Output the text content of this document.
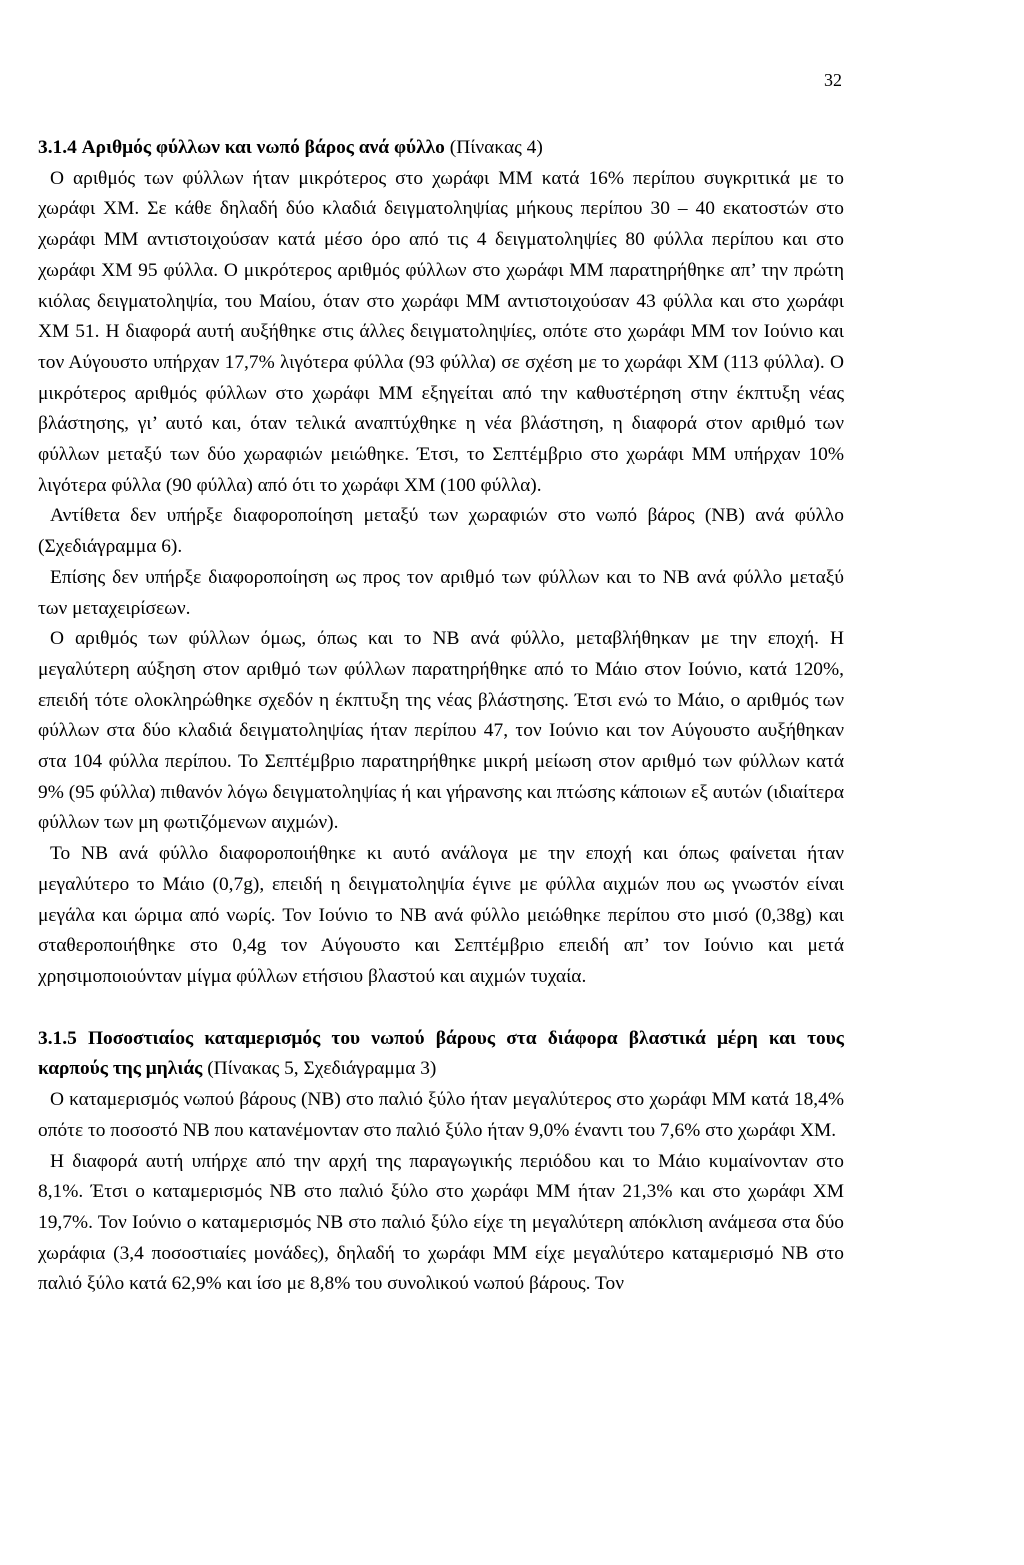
32

3.1.4 Αριθμός φύλλων και νωπό βάρος ανά φύλλο (Πίνακας 4)

Ο αριθμός των φύλλων ήταν μικρότερος στο χωράφι ΜΜ κατά 16% περίπου συγκριτικά με το χωράφι ΧΜ. Σε κάθε δηλαδή δύο κλαδιά δειγματοληψίας μήκους περίπου 30 – 40 εκατοστών στο χωράφι ΜΜ αντιστοιχούσαν κατά μέσο όρο από τις 4 δειγματοληψίες 80 φύλλα περίπου και στο χωράφι ΧΜ 95 φύλλα. Ο μικρότερος αριθμός φύλλων στο χωράφι ΜΜ παρατηρήθηκε απ’ την πρώτη κιόλας δειγματοληψία, του Μαίου, όταν στο χωράφι ΜΜ αντιστοιχούσαν 43 φύλλα και στο χωράφι ΧΜ 51. Η διαφορά αυτή αυξήθηκε στις άλλες δειγματοληψίες, οπότε στο χωράφι ΜΜ τον Ιούνιο και τον Αύγουστο υπήρχαν 17,7% λιγότερα φύλλα (93 φύλλα) σε σχέση με το χωράφι ΧΜ (113 φύλλα). Ο μικρότερος αριθμός φύλλων στο χωράφι ΜΜ εξηγείται από την καθυστέρηση στην έκπτυξη νέας βλάστησης, γι’ αυτό και, όταν τελικά αναπτύχθηκε η νέα βλάστηση, η διαφορά στον αριθμό των φύλλων μεταξύ των δύο χωραφιών μειώθηκε. Έτσι, το Σεπτέμβριο στο χωράφι ΜΜ υπήρχαν 10% λιγότερα φύλλα (90 φύλλα) από ότι το χωράφι ΧΜ (100 φύλλα).

Αντίθετα δεν υπήρξε διαφοροποίηση μεταξύ των χωραφιών στο νωπό βάρος (ΝΒ) ανά φύλλο (Σχεδιάγραμμα 6).

Επίσης δεν υπήρξε διαφοροποίηση ως προς τον αριθμό των φύλλων και το ΝΒ ανά φύλλο μεταξύ των μεταχειρίσεων.

Ο αριθμός των φύλλων όμως, όπως και το ΝΒ ανά φύλλο, μεταβλήθηκαν με την εποχή. Η μεγαλύτερη αύξηση στον αριθμό των φύλλων παρατηρήθηκε από το Μάιο στον Ιούνιο, κατά 120%, επειδή τότε ολοκληρώθηκε σχεδόν η έκπτυξη της νέας βλάστησης. Έτσι ενώ το Μάιο, ο αριθμός των φύλλων στα δύο κλαδιά δειγματοληψίας ήταν περίπου 47, τον Ιούνιο και τον Αύγουστο αυξήθηκαν στα 104 φύλλα περίπου. Το Σεπτέμβριο παρατηρήθηκε μικρή μείωση στον αριθμό των φύλλων κατά 9% (95 φύλλα) πιθανόν λόγω δειγματοληψίας ή και γήρανσης και πτώσης κάποιων εξ αυτών (ιδιαίτερα φύλλων των μη φωτιζόμενων αιχμών).

Το ΝΒ ανά φύλλο διαφοροποιήθηκε κι αυτό ανάλογα με την εποχή και όπως φαίνεται ήταν μεγαλύτερο το Μάιο (0,7g), επειδή η δειγματοληψία έγινε με φύλλα αιχμών που ως γνωστόν είναι μεγάλα και ώριμα από νωρίς. Τον Ιούνιο το ΝΒ ανά φύλλο μειώθηκε περίπου στο μισό (0,38g) και σταθεροποιήθηκε στο 0,4g τον Αύγουστο και Σεπτέμβριο επειδή απ’ τον Ιούνιο και μετά χρησιμοποιούνταν μίγμα φύλλων ετήσιου βλαστού και αιχμών τυχαία.

3.1.5 Ποσοστιαίος καταμερισμός του νωπού βάρους στα διάφορα βλαστικά μέρη και τους καρπούς της μηλιάς (Πίνακας 5, Σχεδιάγραμμα 3)

Ο καταμερισμός νωπού βάρους (ΝΒ) στο παλιό ξύλο ήταν μεγαλύτερος στο χωράφι ΜΜ κατά 18,4% οπότε το ποσοστό ΝΒ που κατανέμονταν στο παλιό ξύλο ήταν 9,0% έναντι του 7,6% στο χωράφι ΧΜ.

Η διαφορά αυτή υπήρχε από την αρχή της παραγωγικής περιόδου και το Μάιο κυμαίνονταν στο 8,1%. Έτσι ο καταμερισμός ΝΒ στο παλιό ξύλο στο χωράφι ΜΜ ήταν 21,3% και στο χωράφι ΧΜ 19,7%. Τον Ιούνιο ο καταμερισμός ΝΒ στο παλιό ξύλο είχε τη μεγαλύτερη απόκλιση ανάμεσα στα δύο χωράφια (3,4 ποσοστιαίες μονάδες), δηλαδή το χωράφι ΜΜ είχε μεγαλύτερο καταμερισμό ΝΒ στο παλιό ξύλο κατά 62,9% και ίσο με 8,8% του συνολικού νωπού βάρους. Τον
